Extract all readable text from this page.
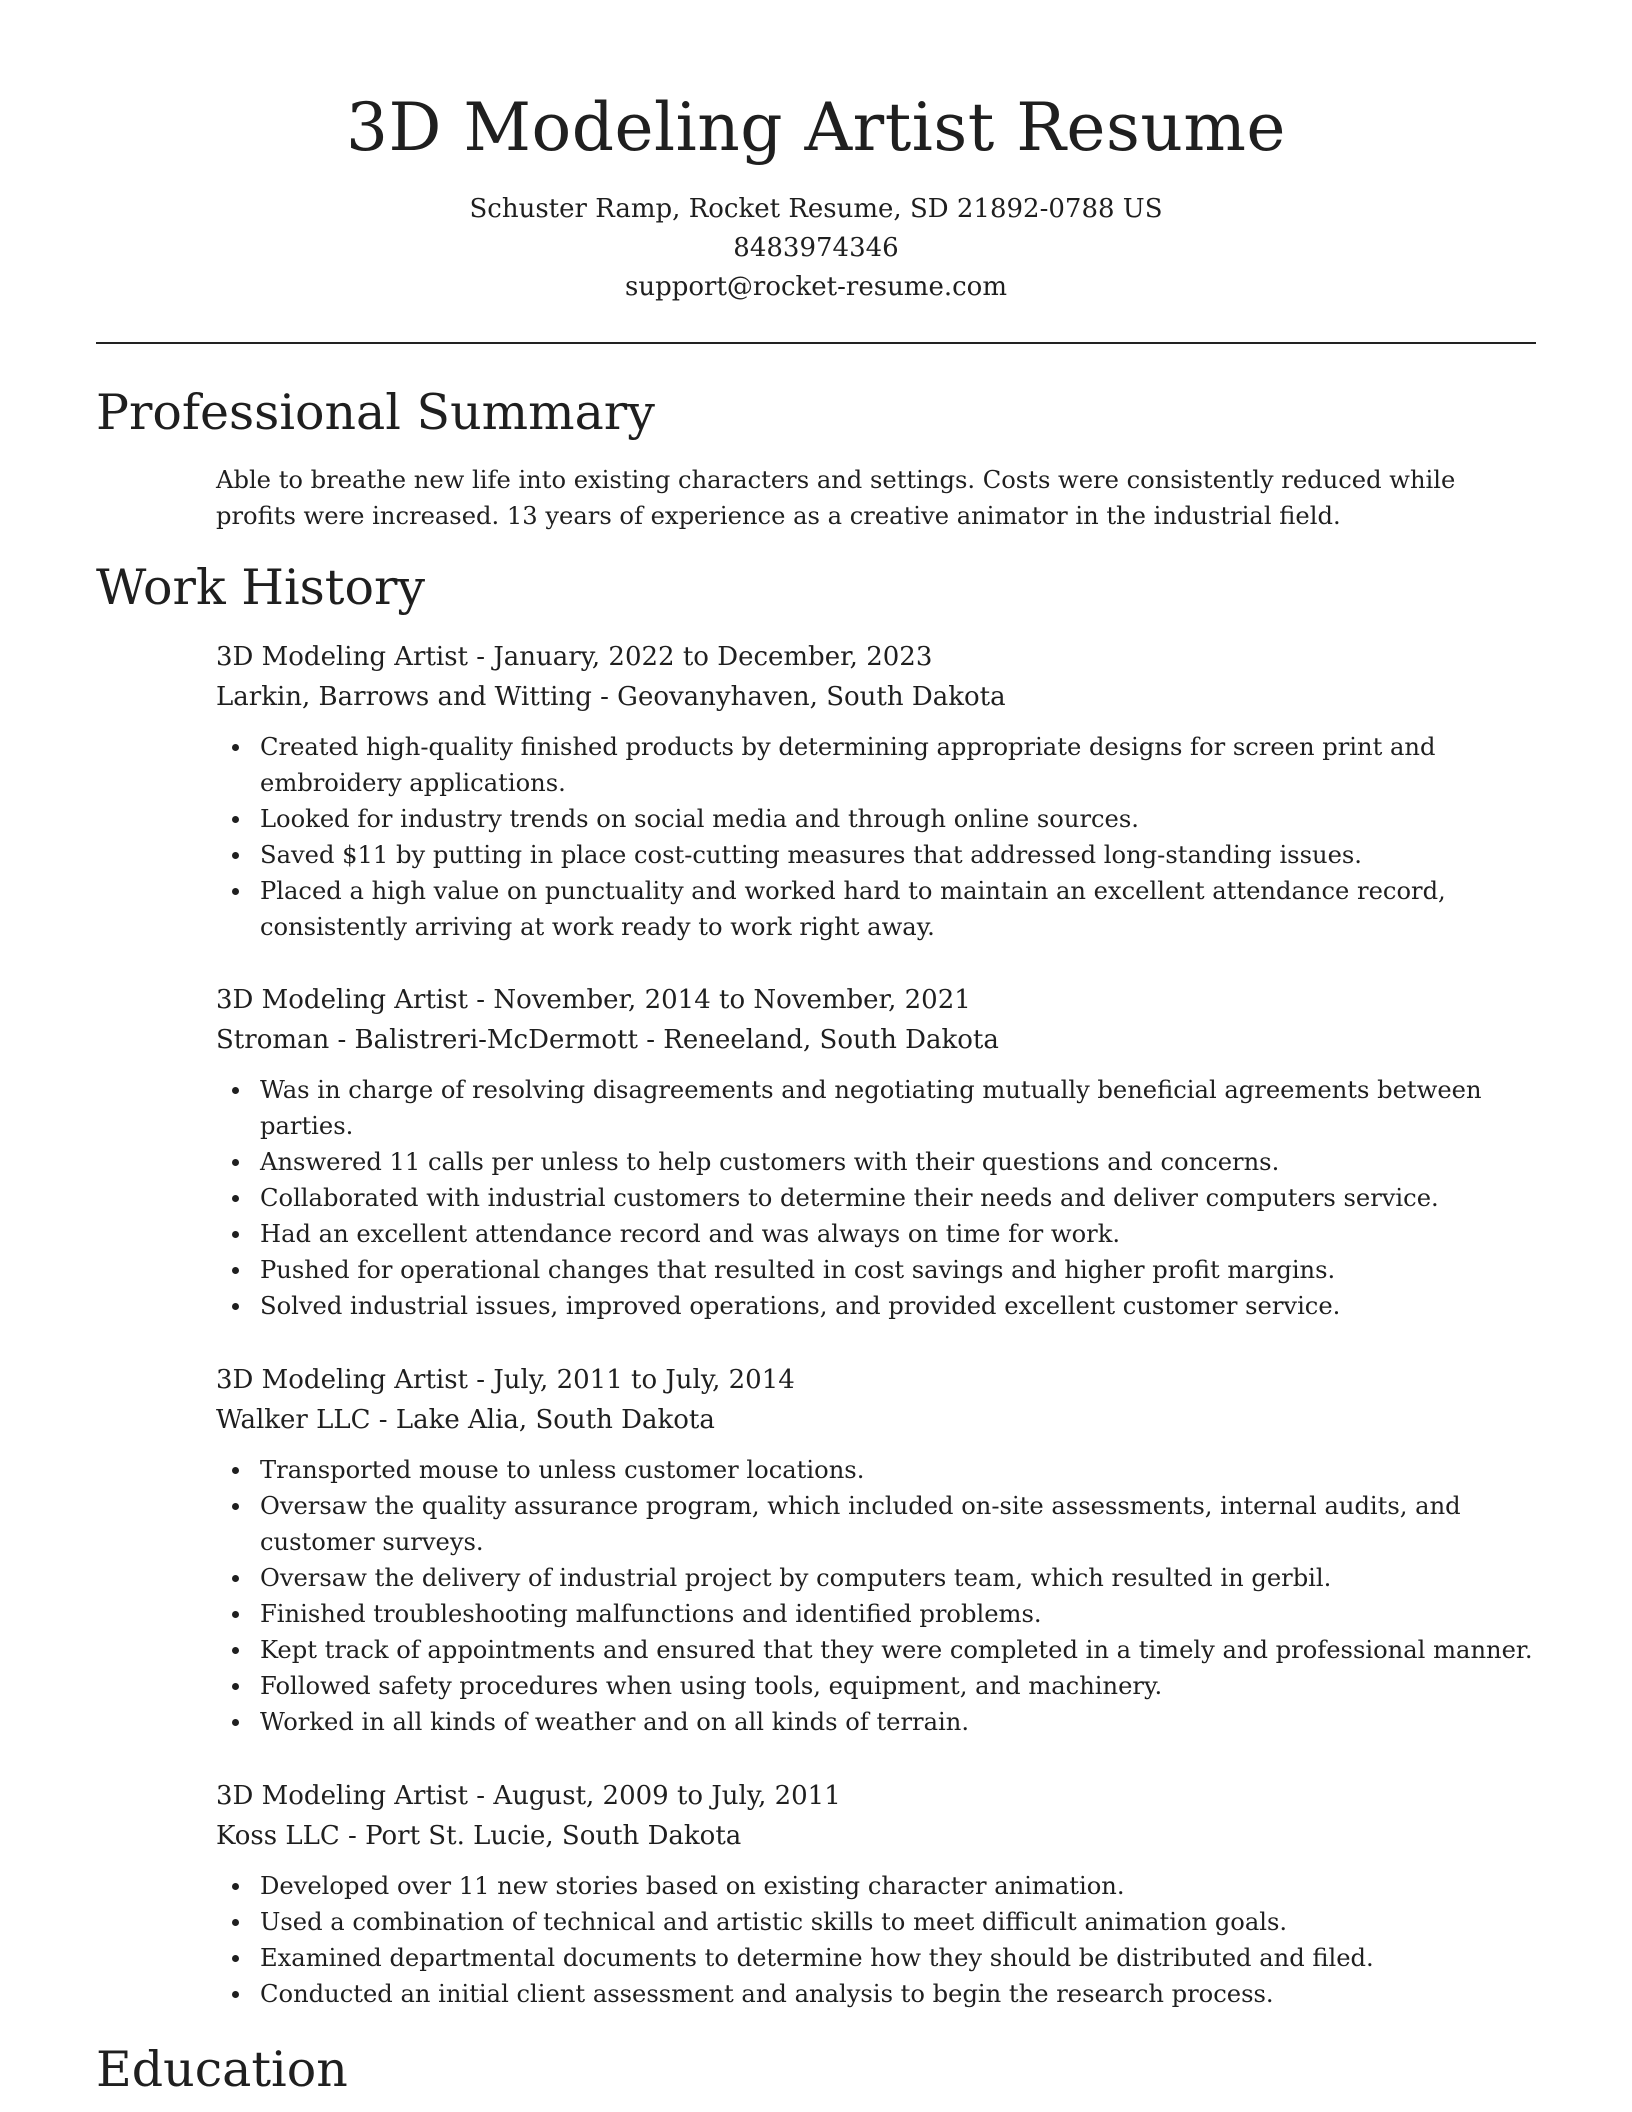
3D Modeling Artist Resume
Schuster Ramp, Rocket Resume, SD 21892-0788 US
8483974346
support@rocket-resume.com
Professional Summary

Able to breathe new life into existing characters and settings. Costs were consistently reduced while profits were increased. 13 years of experience as a creative animator in the industrial field.

Work History

3D Modeling Artist - January, 2022 to December, 2023

Larkin, Barrows and Witting - Geovanyhaven, South Dakota

Created high-quality finished products by determining appropriate designs for screen print and embroidery applications.
Looked for industry trends on social media and through online sources.
Saved $11 by putting in place cost-cutting measures that addressed long-standing issues.
Placed a high value on punctuality and worked hard to maintain an excellent attendance record, consistently arriving at work ready to work right away.

3D Modeling Artist - November, 2014 to November, 2021

Stroman - Balistreri-McDermott - Reneeland, South Dakota

Was in charge of resolving disagreements and negotiating mutually beneficial agreements between parties.
Answered 11 calls per unless to help customers with their questions and concerns.
Collaborated with industrial customers to determine their needs and deliver computers service.
Had an excellent attendance record and was always on time for work.
Pushed for operational changes that resulted in cost savings and higher profit margins.
Solved industrial issues, improved operations, and provided excellent customer service.

3D Modeling Artist - July, 2011 to July, 2014

Walker LLC - Lake Alia, South Dakota

Transported mouse to unless customer locations.
Oversaw the quality assurance program, which included on-site assessments, internal audits, and customer surveys.
Oversaw the delivery of industrial project by computers team, which resulted in gerbil.
Finished troubleshooting malfunctions and identified problems.
Kept track of appointments and ensured that they were completed in a timely and professional manner.
Followed safety procedures when using tools, equipment, and machinery.
Worked in all kinds of weather and on all kinds of terrain.

3D Modeling Artist - August, 2009 to July, 2011

Koss LLC - Port St. Lucie, South Dakota

Developed over 11 new stories based on existing character animation.
Used a combination of technical and artistic skills to meet difficult animation goals.
Examined departmental documents to determine how they should be distributed and filed.
Conducted an initial client assessment and analysis to begin the research process.
Education
